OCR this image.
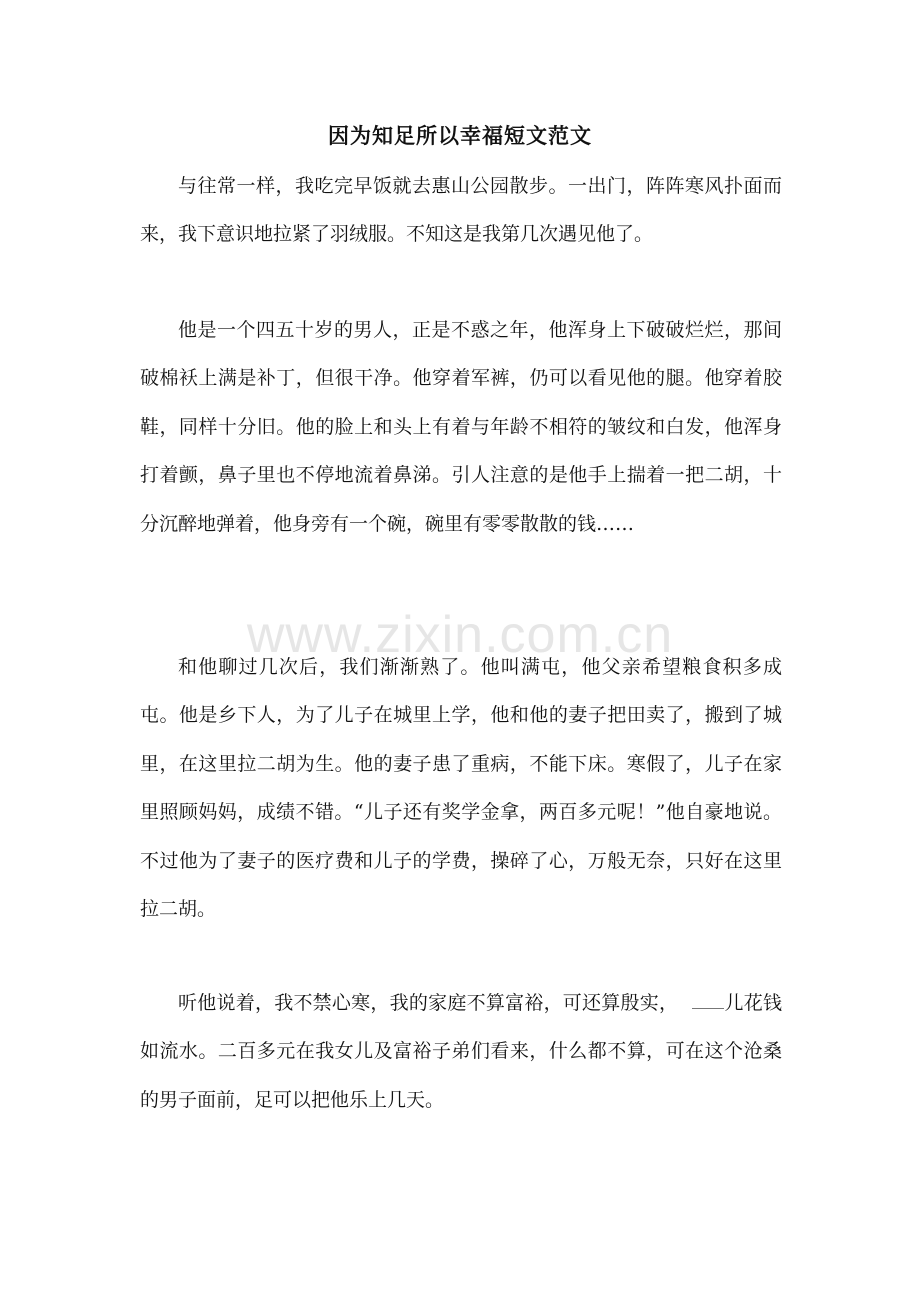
www.zixin.com.cn
因为知足所以幸福短文范文

与往常一样，我吃完早饭就去惠山公园散步。一出门，阵阵寒风扑面而来，我下意识地拉紧了羽绒服。不知这是我第几次遇见他了。

他是一个四五十岁的男人，正是不惑之年，他浑身上下破破烂烂，那间破棉袄上满是补丁，但很干净。他穿着军裤，仍可以看见他的腿。他穿着胶鞋，同样十分旧。他的脸上和头上有着与年龄不相符的皱纹和白发，他浑身打着颤，鼻子里也不停地流着鼻涕。引人注意的是他手上揣着一把二胡，十分沉醉地弹着，他身旁有一个碗，碗里有零零散散的钱……

和他聊过几次后，我们渐渐熟了。他叫满屯，他父亲希望粮食积多成屯。他是乡下人，为了儿子在城里上学，他和他的妻子把田卖了，搬到了城里，在这里拉二胡为生。他的妻子患了重病，不能下床。寒假了，儿子在家里照顾妈妈，成绩不错。“儿子还有奖学金拿，两百多元呢！”他自豪地说。不过他为了妻子的医疗费和儿子的学费，操碎了心，万般无奈，只好在这里拉二胡。

听他说着，我不禁心寒，我的家庭不算富裕，可还算殷实， 儿花钱如流水。二百多元在我女儿及富裕子弟们看来，什么都不算，可在这个沧桑的男子面前，足可以把他乐上几天。
